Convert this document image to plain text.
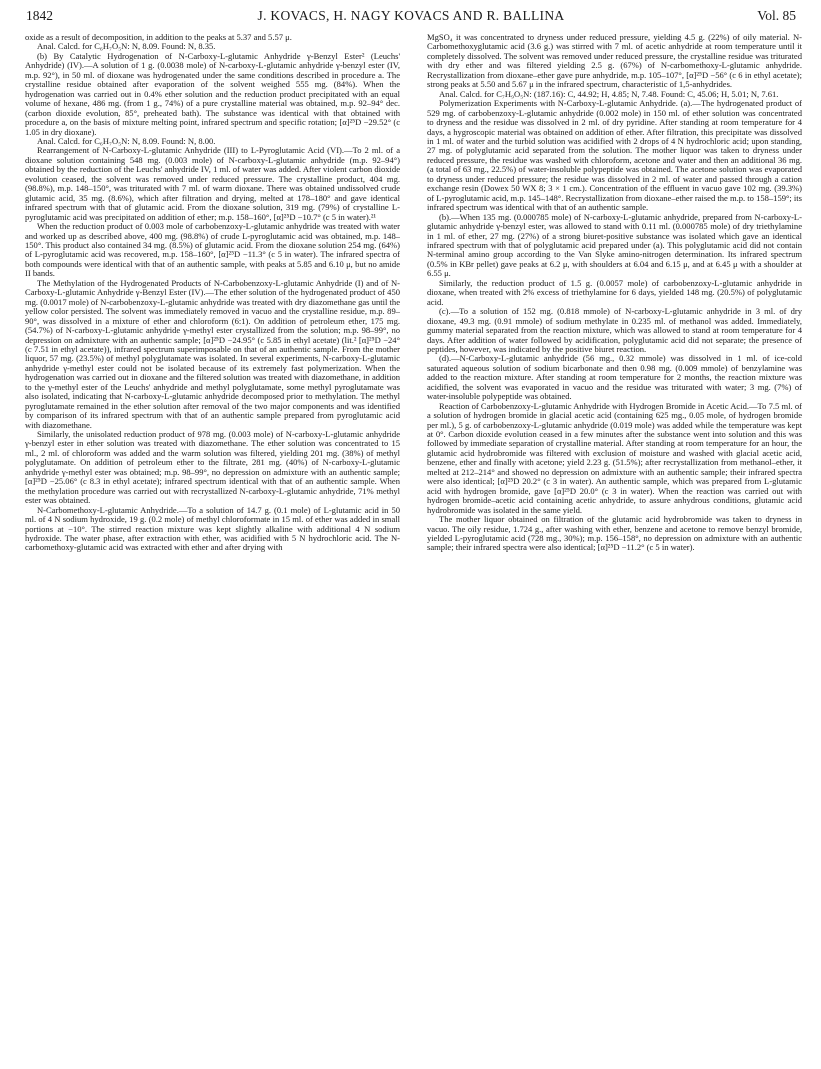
1842	J. KOVACS, H. NAGY KOVACS AND R. BALLINA	Vol. 85

oxide as a result of decomposition, in addition to the peaks at 5.37 and 5.57 μ.

Anal. Calcd. for C₆H₇O₅N: N, 8.09. Found: N, 8.35.

(b) By Catalytic Hydrogenation of N-Carboxy-L-glutamic Anhydride γ-Benzyl Ester² (Leuchs' Anhydride) (IV).—A solution of 1 g. (0.0038 mole) of N-carboxy-L-glutamic anhydride γ-benzyl ester (IV, m.p. 92°), in 50 ml. of dioxane was hydrogenated under the same conditions described in procedure a. The crystalline residue obtained after evaporation of the solvent weighed 555 mg. (84%). When the hydrogenation was carried out in 0.4% ether solution and the reduction product precipitated with an equal volume of hexane, 486 mg. (from 1 g., 74%) of a pure crystalline material was obtained, m.p. 92–94° dec. (carbon dioxide evolution, 85°, preheated bath). The substance was identical with that obtained with procedure a, on the basis of mixture melting point, infrared spectrum and specific rotation; [α]²⁵D −29.52° (c 1.05 in dry dioxane).

Anal. Calcd. for C₆H₇O₅N: N, 8.09. Found: N, 8.00.

Rearrangement of N-Carboxy-L-glutamic Anhydride (III) to L-Pyroglutamic Acid (VI).—To 2 ml. of a dioxane solution containing 548 mg. (0.003 mole) of N-carboxy-L-glutamic anhydride (m.p. 92–94°) obtained by the reduction of the Leuchs' anhydride IV, 1 ml. of water was added. After violent carbon dioxide evolution ceased, the solvent was removed under reduced pressure. The crystalline product, 404 mg. (98.8%), m.p. 148–150°, was triturated with 7 ml. of warm dioxane. There was obtained undissolved crude glutamic acid, 35 mg. (8.6%), which after filtration and drying, melted at 178–180° and gave identical infrared spectrum with that of glutamic acid. From the dioxane solution, 319 mg. (79%) of crystalline L-pyroglutamic acid was precipitated on addition of ether; m.p. 158–160°, [α]²⁵D −10.7° (c 5 in water).²¹

When the reduction product of 0.003 mole of carbobenzoxy-L-glutamic anhydride was treated with water and worked up as described above, 400 mg. (98.8%) of crude L-pyroglutamic acid was obtained, m.p. 148–150°. This product also contained 34 mg. (8.5%) of glutamic acid. From the dioxane solution 254 mg. (64%) of L-pyroglutamic acid was recovered, m.p. 158–160°, [α]²⁵D −11.3° (c 5 in water). The infrared spectra of both compounds were identical with that of an authentic sample, with peaks at 5.85 and 6.10 μ, but no amide II bands.

The Methylation of the Hydrogenated Products of N-Carbobenzoxy-L-glutamic Anhydride (I) and of N-Carboxy-L-glutamic Anhydride γ-Benzyl Ester (IV).—The ether solution of the hydrogenated product of 450 mg. (0.0017 mole) of N-carbobenzoxy-L-glutamic anhydride was treated with dry diazomethane gas until the yellow color persisted. The solvent was immediately removed in vacuo and the crystalline residue, m.p. 89–90°, was dissolved in a mixture of ether and chloroform (6:1). On addition of petroleum ether, 175 mg. (54.7%) of N-carboxy-L-glutamic anhydride γ-methyl ester crystallized from the solution; m.p. 98–99°, no depression on admixture with an authentic sample; [α]²⁵D −24.95° (c 5.85 in ethyl acetate) (lit.² [α]²⁵D −24° (c 7.51 in ethyl acetate)), infrared spectrum superimposable on that of an authentic sample. From the mother liquor, 57 mg. (23.5%) of methyl polyglutamate was isolated. In several experiments, N-carboxy-L-glutamic anhydride γ-methyl ester could not be isolated because of its extremely fast polymerization. When the hydrogenation was carried out in dioxane and the filtered solution was treated with diazomethane, in addition to the γ-methyl ester of the Leuchs' anhydride and methyl polyglutamate, some methyl pyroglutamate was also isolated, indicating that N-carboxy-L-glutamic anhydride decomposed prior to methylation. The methyl pyroglutamate remained in the ether solution after removal of the two major components and was identified by comparison of its infrared spectrum with that of an authentic sample prepared from pyroglutamic acid with diazomethane.

Similarly, the unisolated reduction product of 978 mg. (0.003 mole) of N-carboxy-L-glutamic anhydride γ-benzyl ester in ether solution was treated with diazomethane. The ether solution was concentrated to 15 ml., 2 ml. of chloroform was added and the warm solution was filtered, yielding 201 mg. (38%) of methyl polyglutamate. On addition of petroleum ether to the filtrate, 281 mg. (40%) of N-carboxy-L-glutamic anhydride γ-methyl ester was obtained; m.p. 98–99°, no depression on admixture with an authentic sample; [α]²⁵D −25.06° (c 8.3 in ethyl acetate); infrared spectrum identical with that of an authentic sample. When the methylation procedure was carried out with recrystallized N-carboxy-L-glutamic anhydride, 71% methyl ester was obtained.

N-Carbomethoxy-L-glutamic Anhydride.—To a solution of 14.7 g. (0.1 mole) of L-glutamic acid in 50 ml. of 4 N sodium hydroxide, 19 g. (0.2 mole) of methyl chloroformate in 15 ml. of ether was added in small portions at −10°. The stirred reaction mixture was kept slightly alkaline with additional 4 N sodium hydroxide. The water phase, after extraction with ether, was acidified with 5 N hydrochloric acid. The N-carbomethoxy-glutamic acid was extracted with ether and after drying with

MgSO₄ it was concentrated to dryness under reduced pressure, yielding 4.5 g. (22%) of oily material. N-Carbomethoxyglutamic acid (3.6 g.) was stirred with 7 ml. of acetic anhydride at room temperature until it completely dissolved. The solvent was removed under reduced pressure, the crystalline residue was triturated with dry ether and was filtered yielding 2.5 g. (67%) of N-carbomethoxy-L-glutamic anhydride. Recrystallization from dioxane–ether gave pure anhydride, m.p. 105–107°, [α]²⁵D −56° (c 6 in ethyl acetate); strong peaks at 5.50 and 5.67 μ in the infrared spectrum, characteristic of 1,5-anhydrides.

Anal. Calcd. for C₇H₉O₅N: (187.16): C, 44.92; H, 4.85; N, 7.48. Found: C, 45.06; H, 5.01; N, 7.61.

Polymerization Experiments with N-Carboxy-L-glutamic Anhydride. (a).—The hydrogenated product of 529 mg. of carbobenzoxy-L-glutamic anhydride (0.002 mole) in 150 ml. of ether solution was concentrated to dryness and the residue was dissolved in 2 ml. of dry pyridine. After standing at room temperature for 4 days, a hygroscopic material was obtained on addition of ether. After filtration, this precipitate was dissolved in 1 ml. of water and the turbid solution was acidified with 2 drops of 4 N hydrochloric acid; upon standing, 27 mg. of polyglutamic acid separated from the solution. The mother liquor was taken to dryness under reduced pressure, the residue was washed with chloroform, acetone and water and then an additional 36 mg. (a total of 63 mg., 22.5%) of water-insoluble polypeptide was obtained. The acetone solution was evaporated to dryness under reduced pressure; the residue was dissolved in 2 ml. of water and passed through a cation exchange resin (Dowex 50 WX 8; 3 × 1 cm.). Concentration of the effluent in vacuo gave 102 mg. (39.3%) of L-pyroglutamic acid, m.p. 145–148°. Recrystallization from dioxane–ether raised the m.p. to 158–159°; its infrared spectrum was identical with that of an authentic sample.

(b).—When 135 mg. (0.000785 mole) of N-carboxy-L-glutamic anhydride, prepared from N-carboxy-L-glutamic anhydride γ-benzyl ester, was allowed to stand with 0.11 ml. (0.000785 mole) of dry triethylamine in 1 ml. of ether, 27 mg. (27%) of a strong biuret-positive substance was isolated which gave an identical infrared spectrum with that of polyglutamic acid prepared under (a). This polyglutamic acid did not contain N-terminal amino group according to the Van Slyke amino-nitrogen determination. Its infrared spectrum (0.5% in KBr pellet) gave peaks at 6.2 μ, with shoulders at 6.04 and 6.15 μ, and at 6.45 μ with a shoulder at 6.55 μ.

Similarly, the reduction product of 1.5 g. (0.0057 mole) of carbobenzoxy-L-glutamic anhydride in dioxane, when treated with 2% excess of triethylamine for 6 days, yielded 148 mg. (20.5%) of polyglutamic acid.

(c).—To a solution of 152 mg. (0.818 mmole) of N-carboxy-L-glutamic anhydride in 3 ml. of dry dioxane, 49.3 mg. (0.91 mmole) of sodium methylate in 0.235 ml. of methanol was added. Immediately, gummy material separated from the reaction mixture, which was allowed to stand at room temperature for 4 days. After addition of water followed by acidification, polyglutamic acid did not separate; the presence of peptides, however, was indicated by the positive biuret reaction.

(d).—N-Carboxy-L-glutamic anhydride (56 mg., 0.32 mmole) was dissolved in 1 ml. of ice-cold saturated aqueous solution of sodium bicarbonate and then 0.98 mg. (0.009 mmole) of benzylamine was added to the reaction mixture. After standing at room temperature for 2 months, the reaction mixture was acidified, the solvent was evaporated in vacuo and the residue was triturated with water; 3 mg. (7%) of water-insoluble polypeptide was obtained.

Reaction of Carbobenzoxy-L-glutamic Anhydride with Hydrogen Bromide in Acetic Acid.—To 7.5 ml. of a solution of hydrogen bromide in glacial acetic acid (containing 625 mg., 0.05 mole, of hydrogen bromide per ml.), 5 g. of carbobenzoxy-L-glutamic anhydride (0.019 mole) was added while the temperature was kept at 0°. Carbon dioxide evolution ceased in a few minutes after the substance went into solution and this was followed by immediate separation of crystalline material. After standing at room temperature for an hour, the glutamic acid hydrobromide was filtered with exclusion of moisture and washed with glacial acetic acid, benzene, ether and finally with acetone; yield 2.23 g. (51.5%); after recrystallization from methanol–ether, it melted at 212–214° and showed no depression on admixture with an authentic sample; their infrared spectra were also identical; [α]²⁵D 20.2° (c 3 in water). An authentic sample, which was prepared from L-glutamic acid with hydrogen bromide, gave [α]²⁵D 20.0° (c 3 in water). When the reaction was carried out with hydrogen bromide–acetic acid containing acetic anhydride, to assure anhydrous conditions, glutamic acid hydrobromide was isolated in the same yield.

The mother liquor obtained on filtration of the glutamic acid hydrobromide was taken to dryness in vacuo. The oily residue, 1.724 g., after washing with ether, benzene and acetone to remove benzyl bromide, yielded L-pyroglutamic acid (728 mg., 30%); m.p. 156–158°, no depression on admixture with an authentic sample; their infrared spectra were also identical; [α]²⁵D −11.2° (c 5 in water).
